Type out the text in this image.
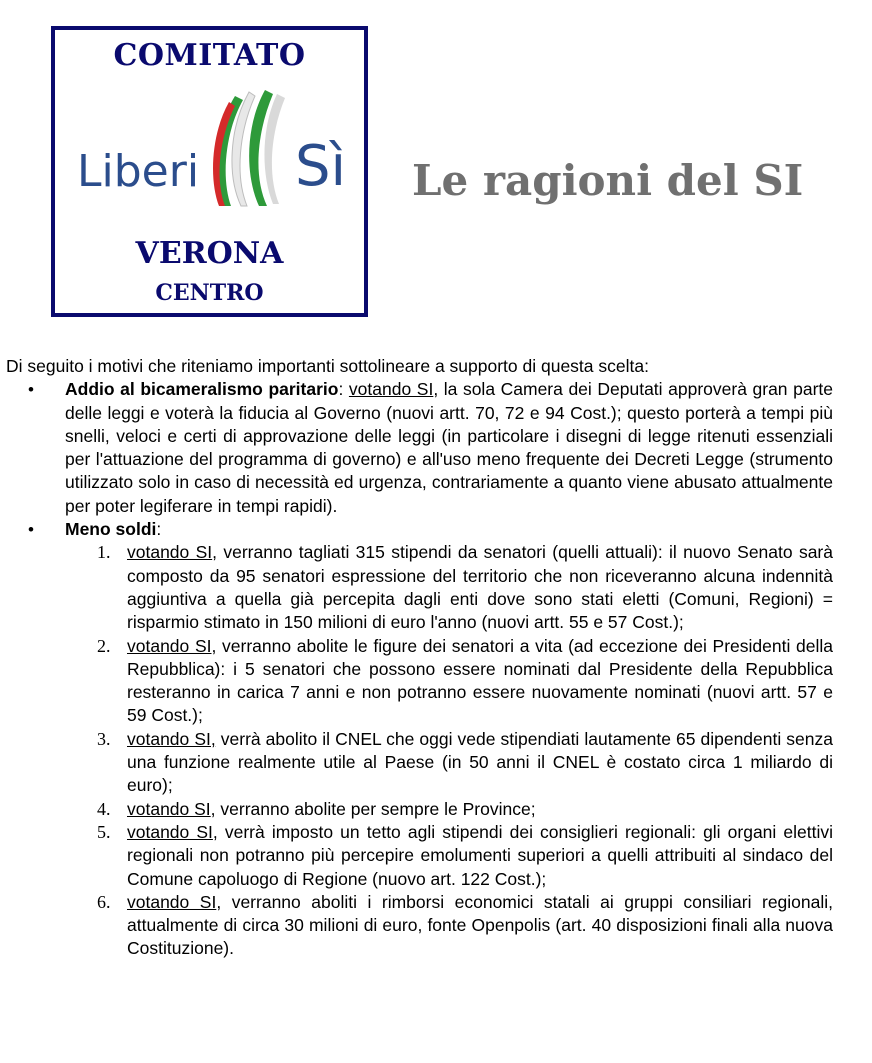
COMITATO
Liberi Sì
VERONA
CENTRO
Le ragioni del SI

Di seguito i motivi che riteniamo importanti sottolineare a supporto di questa scelta:

• Addio al bicameralismo paritario: votando SI, la sola Camera dei Deputati approverà gran parte delle leggi e voterà la fiducia al Governo (nuovi artt. 70, 72 e 94 Cost.); questo porterà a tempi più snelli, veloci e certi di approvazione delle leggi (in particolare i disegni di legge ritenuti essenziali per l'attuazione del programma di governo) e all'uso meno frequente dei Decreti Legge (strumento utilizzato solo in caso di necessità ed urgenza, contrariamente a quanto viene abusato attualmente per poter legiferare in tempi rapidi).
• Meno soldi:
1. votando SI, verranno tagliati 315 stipendi da senatori (quelli attuali): il nuovo Senato sarà composto da 95 senatori espressione del territorio che non riceveranno alcuna indennità aggiuntiva a quella già percepita dagli enti dove sono stati eletti (Comuni, Regioni) = risparmio stimato in 150 milioni di euro l'anno (nuovi artt. 55 e 57 Cost.);
2. votando SI, verranno abolite le figure dei senatori a vita (ad eccezione dei Presidenti della Repubblica): i 5 senatori che possono essere nominati dal Presidente della Repubblica resteranno in carica 7 anni e non potranno essere nuovamente nominati (nuovi artt. 57 e 59 Cost.);
3. votando SI, verrà abolito il CNEL che oggi vede stipendiati lautamente 65 dipendenti senza una funzione realmente utile al Paese (in 50 anni il CNEL è costato circa 1 miliardo di euro);
4. votando SI, verranno abolite per sempre le Province;
5. votando SI, verrà imposto un tetto agli stipendi dei consiglieri regionali: gli organi elettivi regionali non potranno più percepire emolumenti superiori a quelli attribuiti al sindaco del Comune capoluogo di Regione (nuovo art. 122 Cost.);
6. votando SI, verranno aboliti i rimborsi economici statali ai gruppi consiliari regionali, attualmente di circa 30 milioni di euro, fonte Openpolis (art. 40 disposizioni finali alla nuova Costituzione).
